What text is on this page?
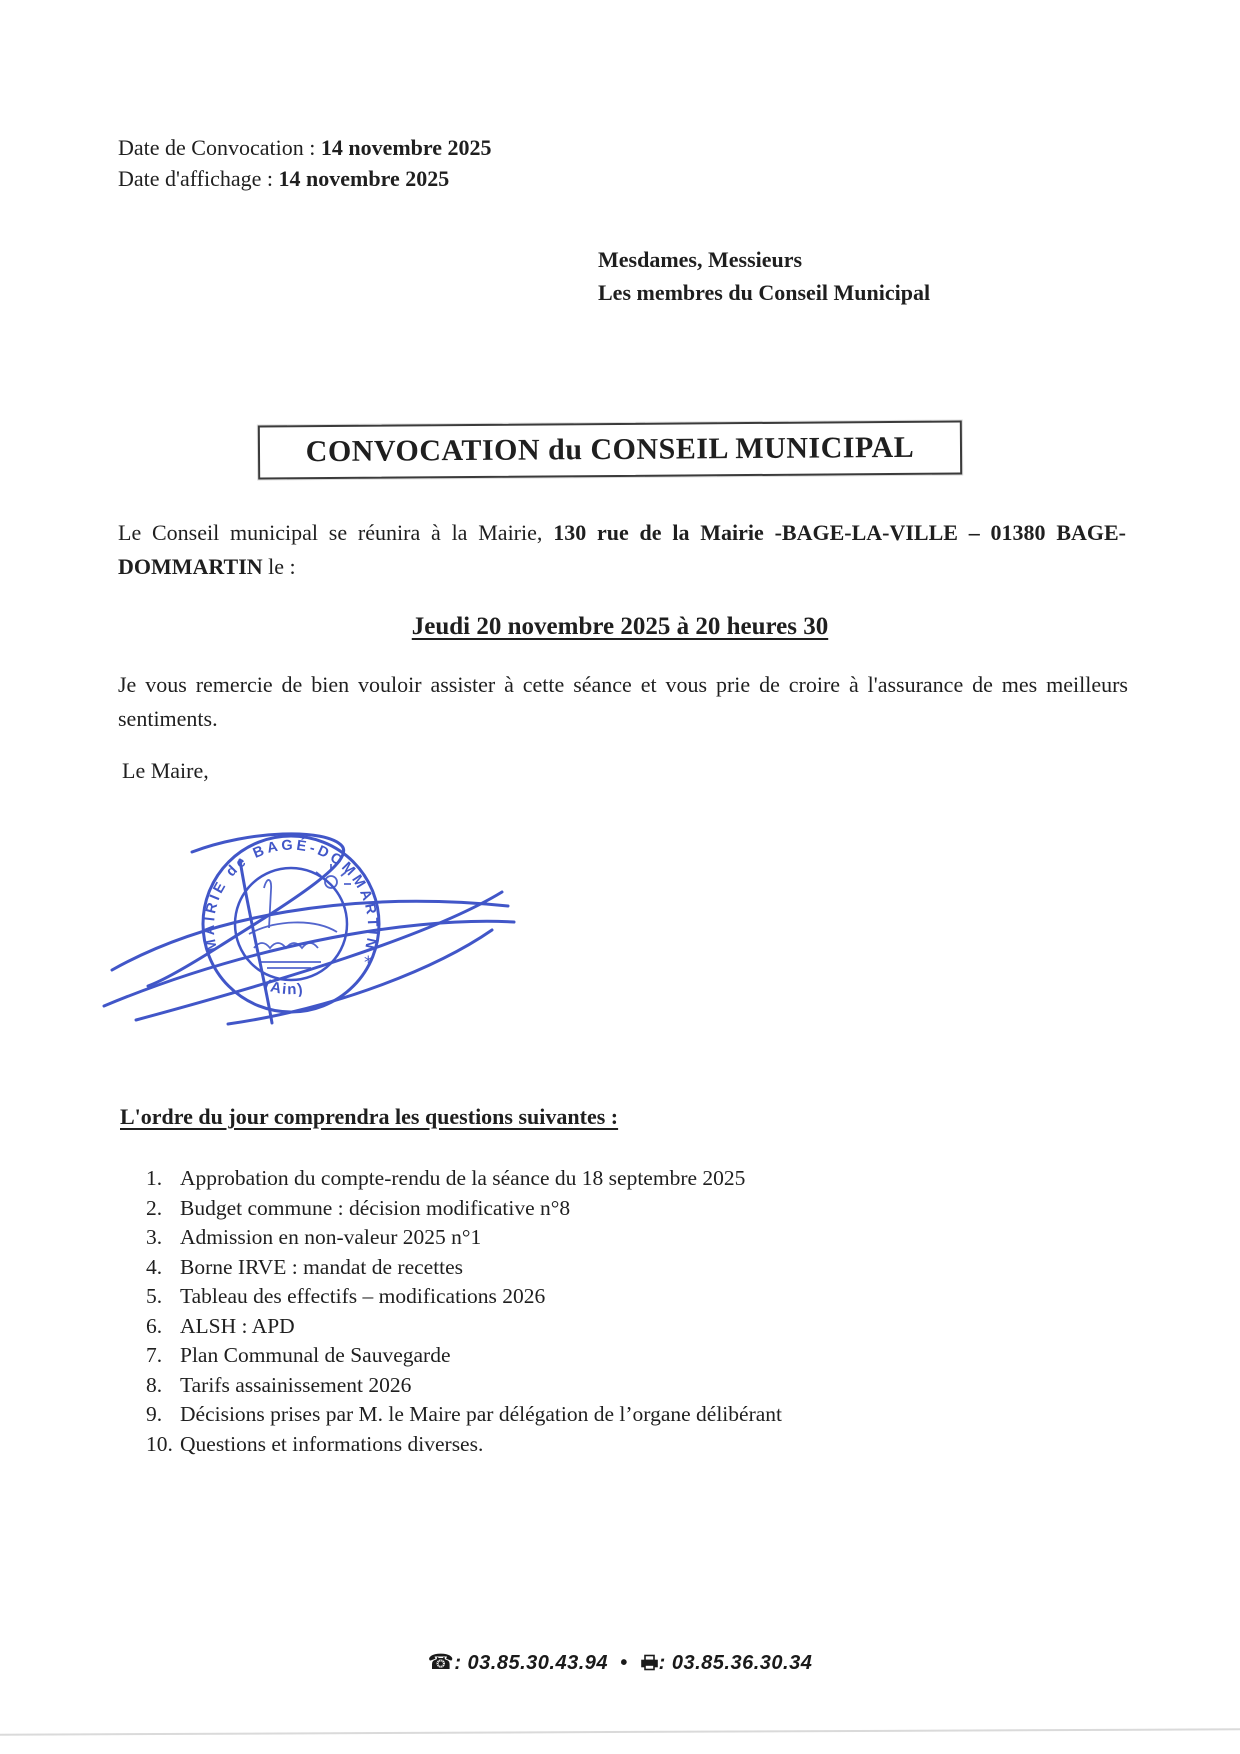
Date de Convocation : 14 novembre 2025
Date d'affichage : 14 novembre 2025
Mesdames, Messieurs
Les membres du Conseil Municipal
CONVOCATION du CONSEIL MUNICIPAL

Le Conseil municipal se réunira à la Mairie, 130 rue de la Mairie -BAGE-LA-VILLE – 01380 BAGE-DOMMARTIN le :

Jeudi 20 novembre 2025 à 20 heures 30

Je vous remercie de bien vouloir assister à cette séance et vous prie de croire à l'assurance de mes meilleurs sentiments.

Le Maire,
*
MAIRIE de BAGÉ-DOMMARTIN
(Ain)
L'ordre du jour comprendra les questions suivantes :
Approbation du compte-rendu de la séance du 18 septembre 2025
Budget commune : décision modificative n°8
Admission en non-valeur 2025 n°1
Borne IRVE : mandat de recettes
Tableau des effectifs – modifications 2026
ALSH : APD
Plan Communal de Sauvegarde
Tarifs assainissement 2026
Décisions prises par M. le Maire par délégation de l’organe délibérant
Questions et informations diverses.
☎: 03.85.30.43.94 • : 03.85.36.30.34
